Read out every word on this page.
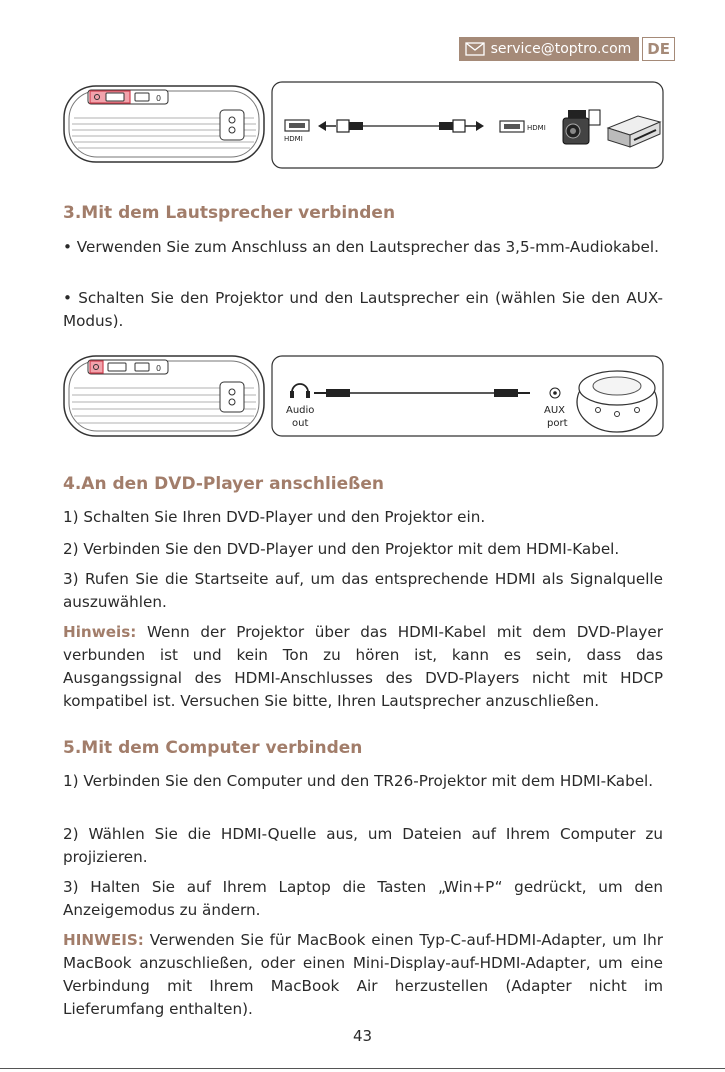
service@toptro.com	DE
0
HDMI
HDMI
3.Mit dem Lautsprecher verbinden

• Verwenden Sie zum Anschluss an den Lautsprecher das 3,5-mm-Audiokabel.

• Schalten Sie den Projektor und den Lautsprecher ein (wählen Sie den AUX-Modus).

0
Audio
out
AUX
port
4.An den DVD-Player anschließen

1) Schalten Sie Ihren DVD-Player und den Projektor ein.

2) Verbinden Sie den DVD-Player und den Projektor mit dem HDMI-Kabel.

3) Rufen Sie die Startseite auf, um das entsprechende HDMI als Signalquelle auszuwählen.

Hinweis: Wenn der Projektor über das HDMI-Kabel mit dem DVD-Player verbunden ist und kein Ton zu hören ist, kann es sein, dass das Ausgangssignal des HDMI-Anschlusses des DVD-Players nicht mit HDCP kompatibel ist. Versuchen Sie bitte, Ihren Lautsprecher anzuschließen.

5.Mit dem Computer verbinden

1) Verbinden Sie den Computer und den TR26-Projektor mit dem HDMI-Kabel.

2) Wählen Sie die HDMI-Quelle aus, um Dateien auf Ihrem Computer zu projizieren.

3) Halten Sie auf Ihrem Laptop die Tasten „Win+P“ gedrückt, um den Anzeigemodus zu ändern.

HINWEIS: Verwenden Sie für MacBook einen Typ-C-auf-HDMI-Adapter, um Ihr MacBook anzuschließen, oder einen Mini-Display-auf-HDMI-Adapter, um eine Verbindung mit Ihrem MacBook Air herzustellen (Adapter nicht im Lieferumfang enthalten).

43
